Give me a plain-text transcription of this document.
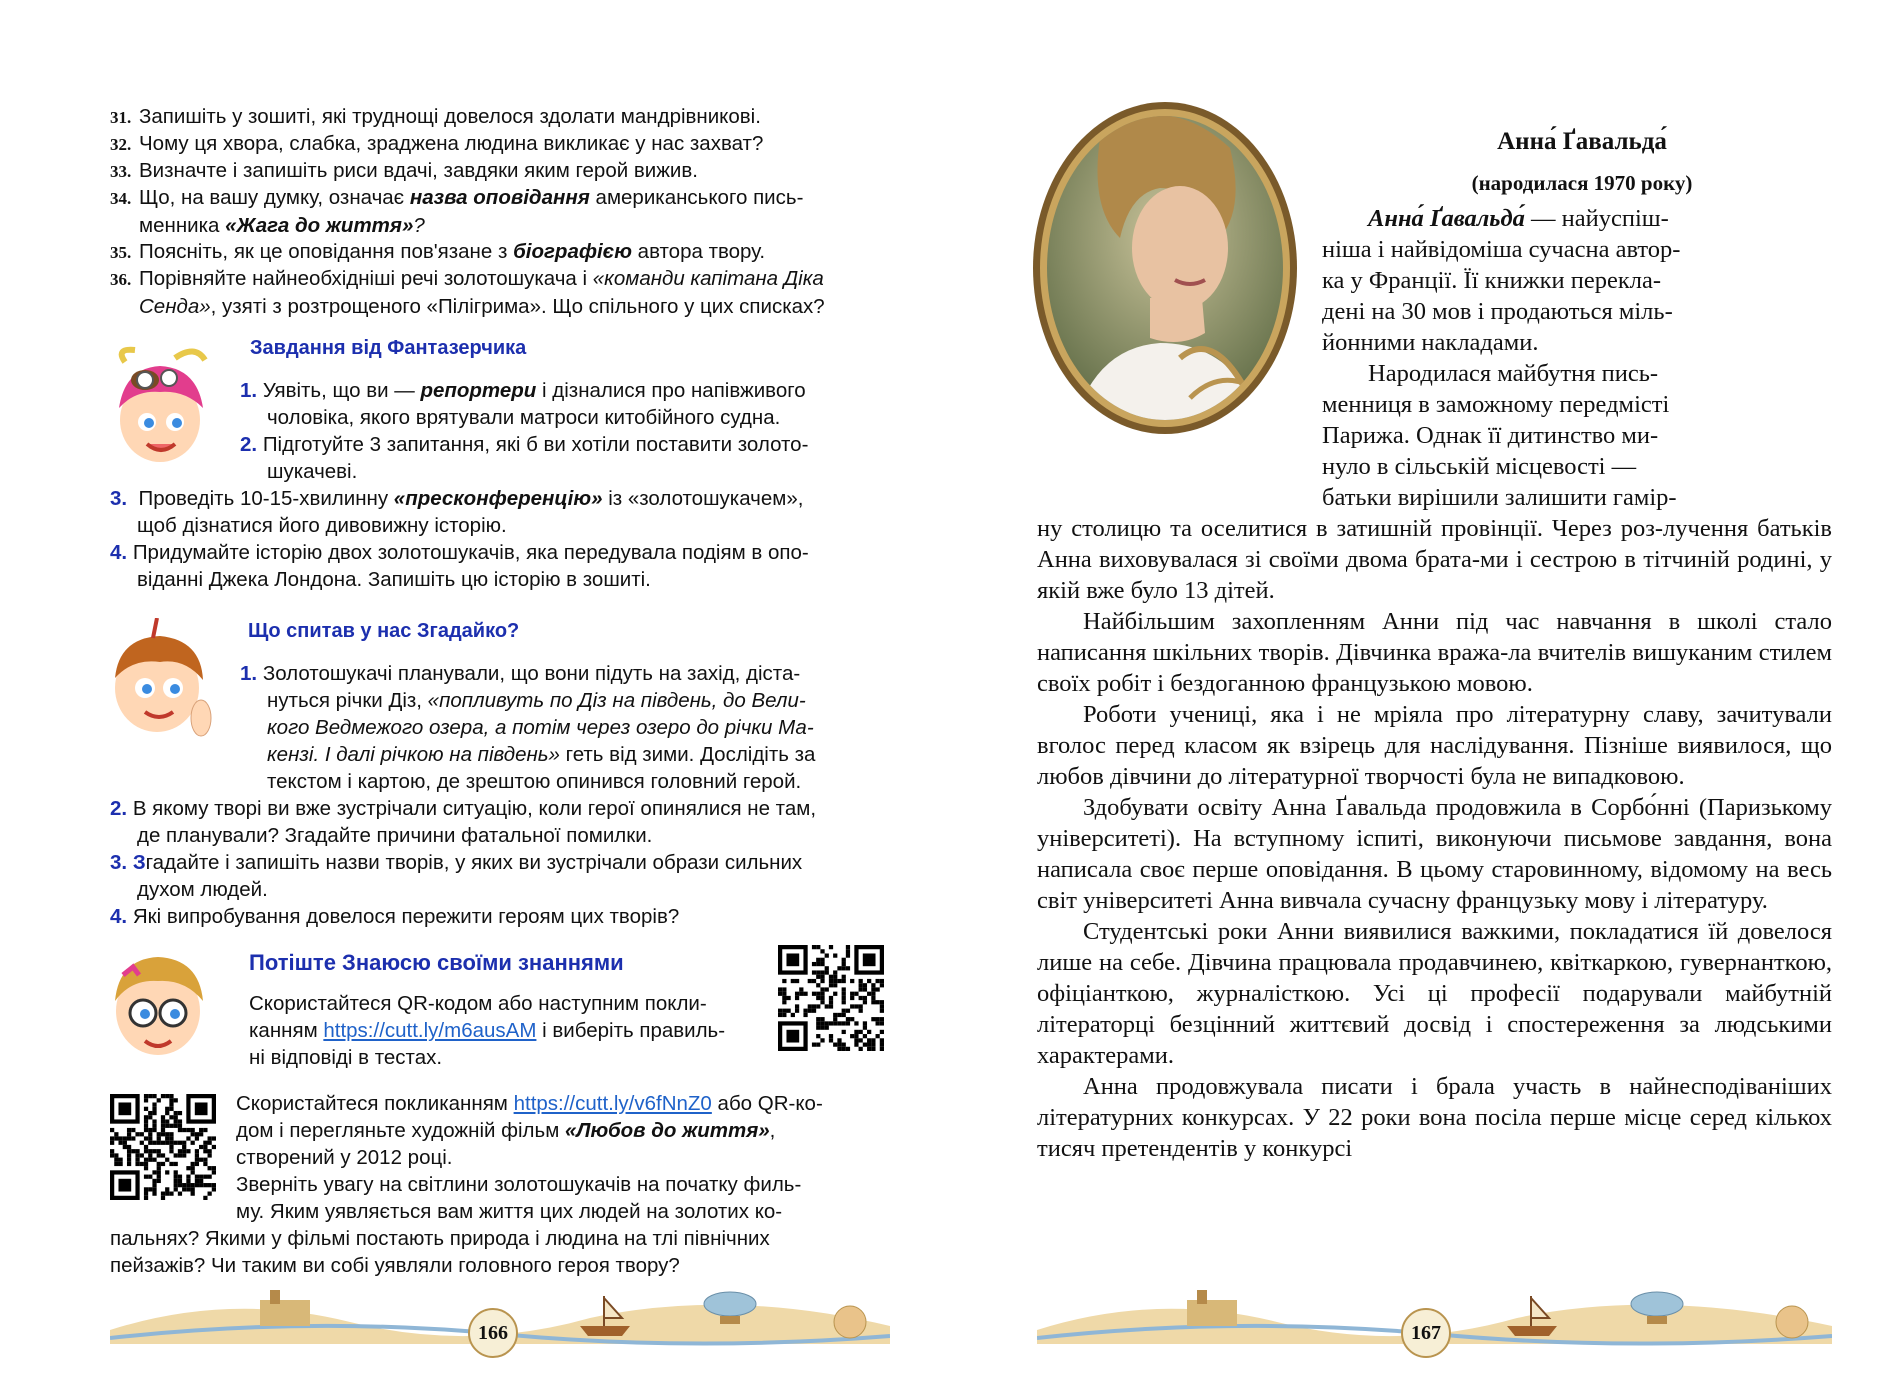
31. Запишіть у зошиті, які труднощі довелося здолати мандрівникові.
32. Чому ця хвора, слабка, зраджена людина викликає у нас захват?
33. Визначте і запишіть риси вдачі, завдяки яким герой вижив.
34. Що, на вашу думку, означає назва оповідання американського пись-
менника «Жага до життя»?
35. Поясніть, як це оповідання пов'язане з біографією автора твору.
36. Порівняйте найнеобхідніші речі золотошукача і «команди капітана Діка
Сенда», узяті з розтрощеного «Пілігрима». Що спільного у цих списках?
Завдання від Фантазерчика
1. Уявіть, що ви — репортери і дізналися про напівживого
чоловіка, якого врятували матроси китобійного судна.
2. Підготуйте 3 запитання, які б ви хотіли поставити золото-
шукачеві.
3. Проведіть 10-15-хвилинну «пресконференцію» із «золотошукачем»,
щоб дізнатися його дивовижну історію.
4. Придумайте історію двох золотошукачів, яка передувала подіям в опо-
віданні Джека Лондона. Запишіть цю історію в зошиті.
Що спитав у нас Згадайко?
1. Золотошукачі планували, що вони підуть на захід, діста-
нуться річки Діз, «попливуть по Діз на південь, до Вели-
кого Ведмежого озера, а потім через озеро до річки Ма-
кензі. І далі річкою на південь» геть від зими. Дослідіть за
текстом і картою, де зрештою опинився головний герой.
2. В якому творі ви вже зустрічали ситуацію, коли герої опинялися не там,
де планували? Згадайте причини фатальної помилки.
3. Згадайте і запишіть назви творів, у яких ви зустрічали образи сильних
духом людей.
4. Які випробування довелося пережити героям цих творів?
Потіште Знаюсю своїми знаннями
Скористайтеся QR-кодом або наступним покли-
канням https://cutt.ly/m6ausAM і виберіть правиль-
ні відповіді в тестах.
Скористайтеся покликанням https://cutt.ly/v6fNnZ0 або QR-ко-
дом і перегляньте художній фільм «Любов до життя»,
створений у 2012 році.
Зверніть увагу на світлини золотошукачів на початку филь-
му. Яким уявляється вам життя цих людей на золотих ко-
пальнях? Якими у фільмі постають природа і людина на тлі північних
пейзажів? Чи таким ви собі уявляли головного героя твору?
166
Анна́ Ґавальда́
(народилася 1970 року)

Анна́ Ґавальда́ — найуспіш-

ніша і найвідоміша сучасна автор-

ка у Франції. Її книжки перекла-

дені на 30 мов і продаються міль-

йонними накладами.

Народилася майбутня пись-

менниця в заможному передмісті

Парижа. Однак її дитинство ми-

нуло в сільській місцевості —

батьки вирішили залишити гамір-

ну столицю та оселитися в затишній провінції. Через роз-лучення батьків Анна виховувалася зі своїми двома брата-ми і сестрою в тітчиній родині, у якій вже було 13 дітей.

Найбільшим захопленням Анни під час навчання в школі стало написання шкільних творів. Дівчинка вража-ла вчителів вишуканим стилем своїх робіт і бездоганною французькою мовою.

Роботи учениці, яка і не мріяла про літературну славу, зачитували вголос перед класом як взірець для наслідування. Пізніше виявилося, що любов дівчини до літературної творчості була не випадковою.

Здобувати освіту Анна Ґавальда продовжила в Сорбо́нні (Паризькому університеті). На вступному іспиті, виконуючи письмове завдання, вона написала своє перше оповідання. В цьому старовинному, відомому на весь світ університеті Анна вивчала сучасну французьку мову і літературу.

Студентські роки Анни виявилися важкими, покладатися їй довелося лише на себе. Дівчина працювала продавчинею, квіткаркою, гувернанткою, офіціанткою, журналісткою. Усі ці професії подарували майбутній літераторці безцінний життєвий досвід і спостереження за людськими характерами.

Анна продовжувала писати і брала участь в найнесподіваніших літературних конкурсах. У 22 роки вона посіла перше місце серед кількох тисяч претендентів у конкурсі

167
